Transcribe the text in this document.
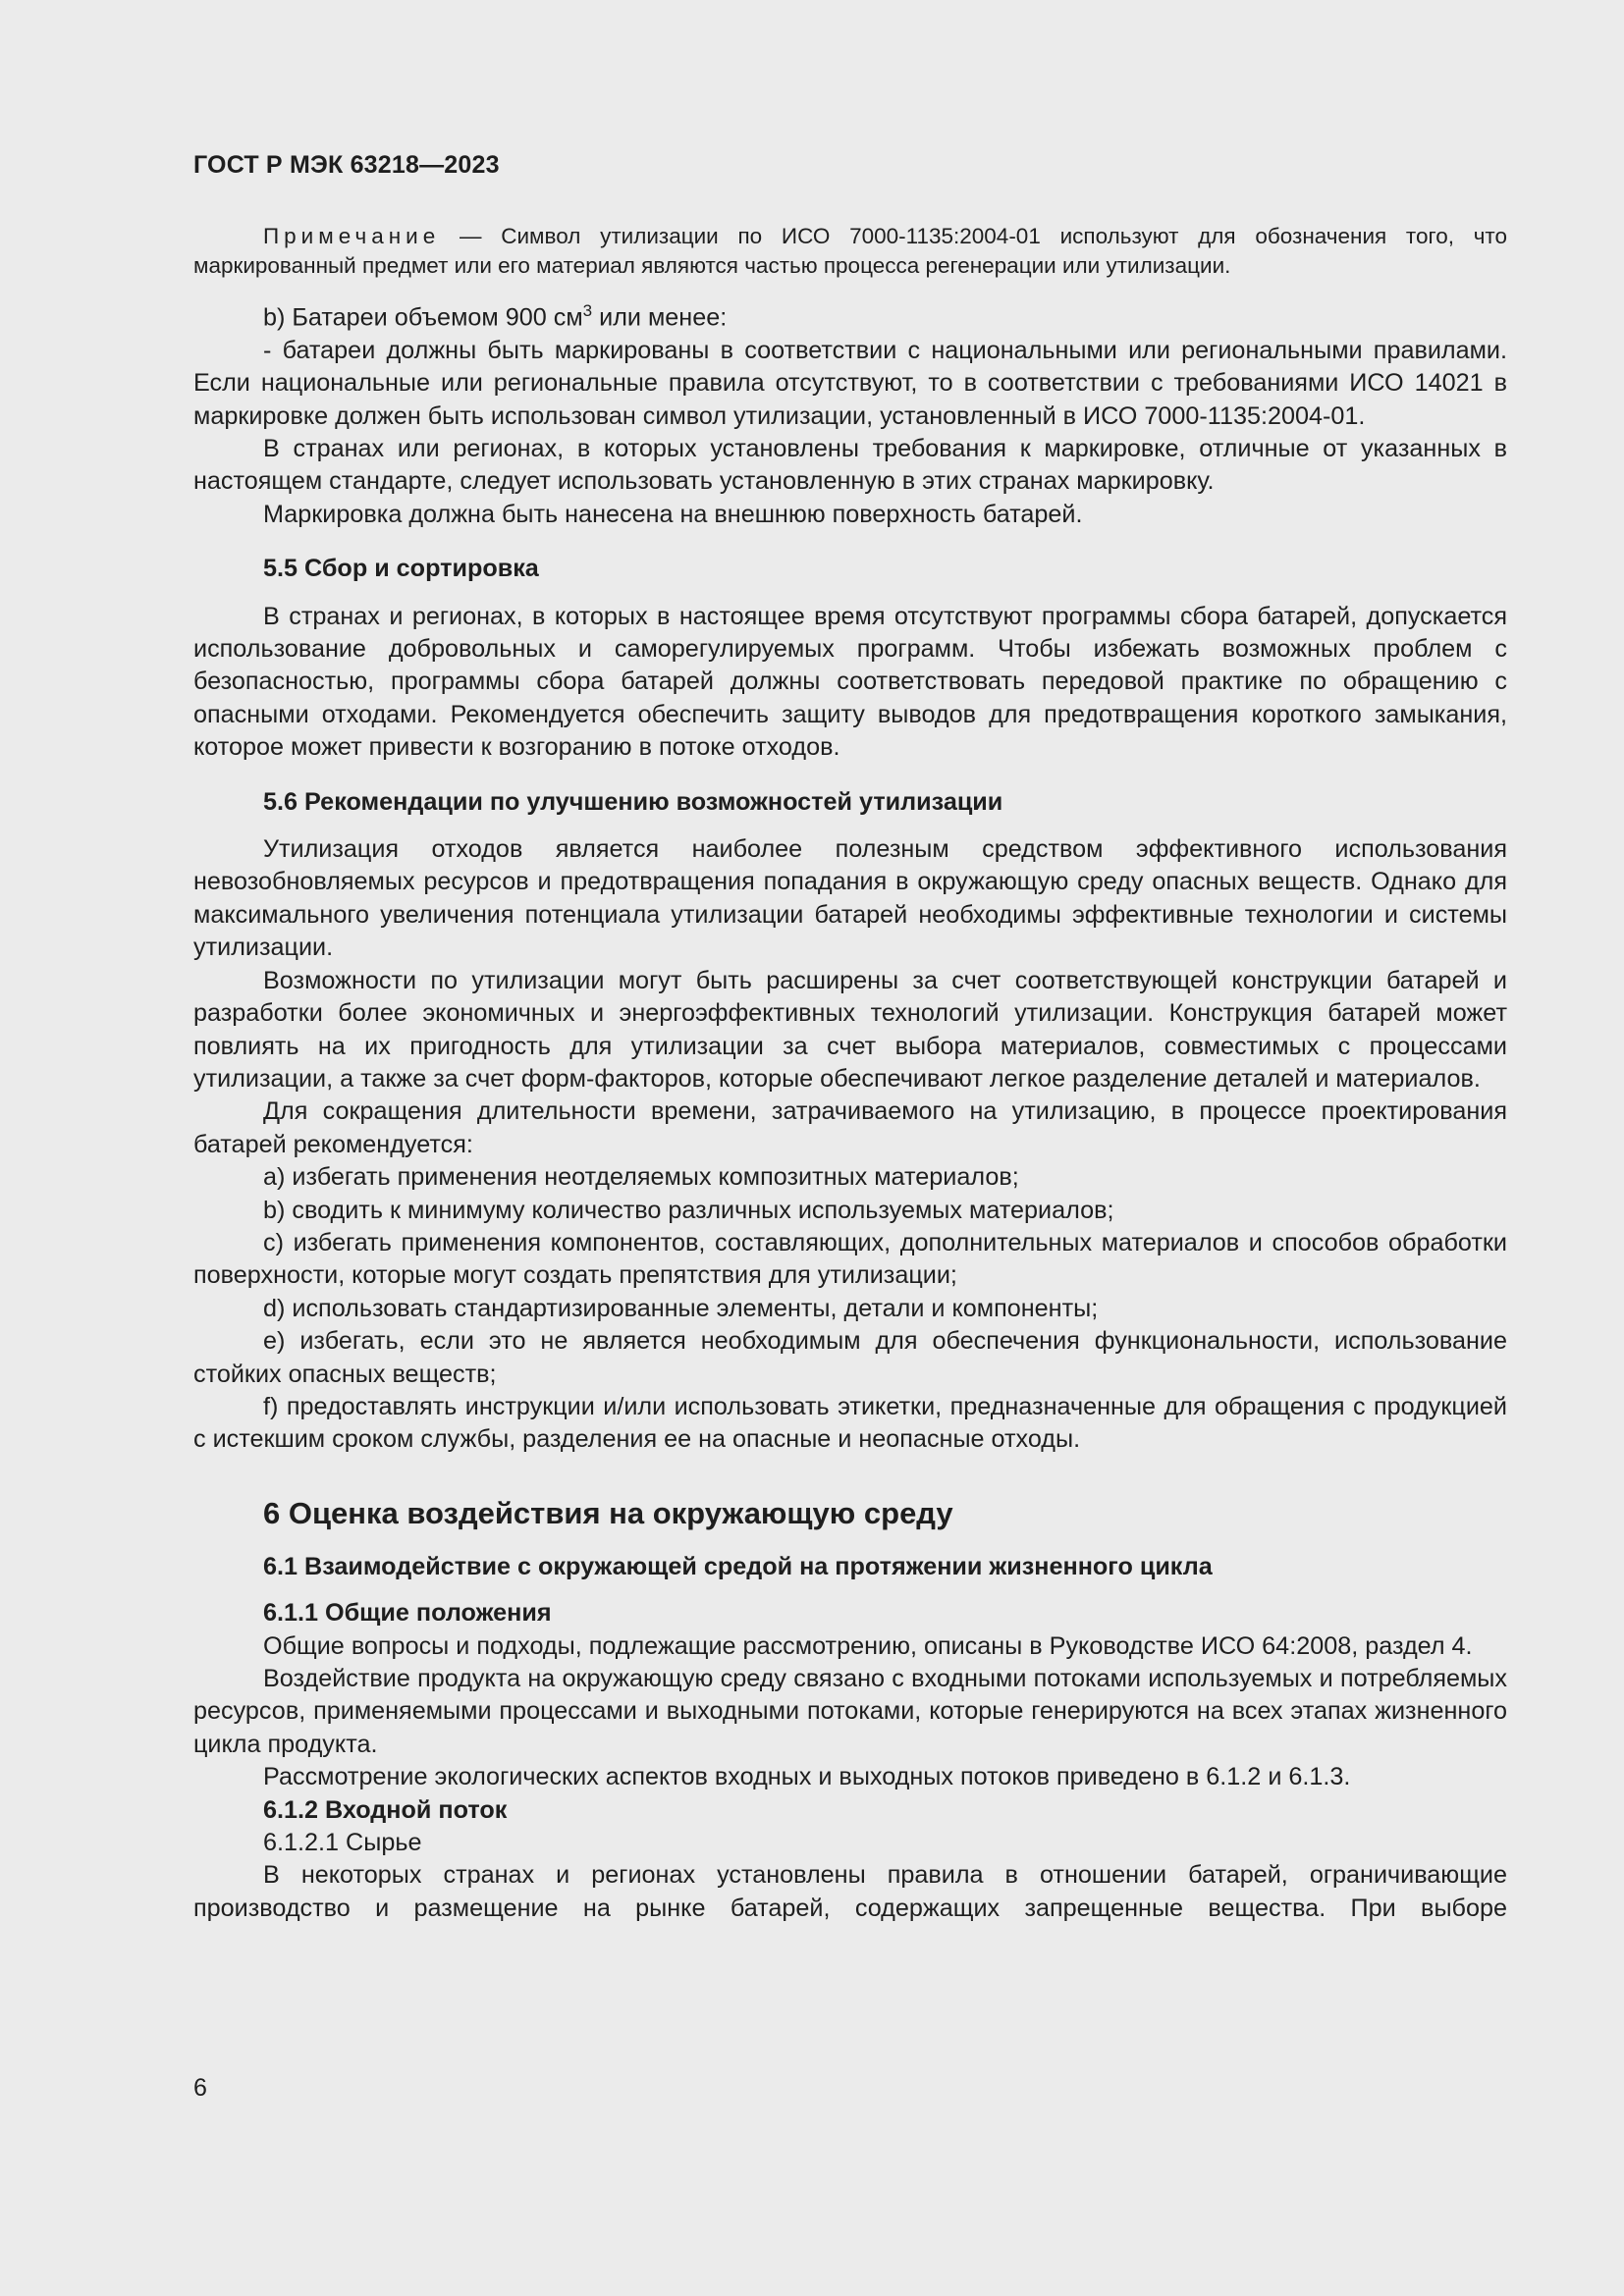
ГОСТ Р МЭК 63218—2023

Примечание — Символ утилизации по ИСО 7000-1135:2004-01 используют для обозначения того, что маркированный предмет или его материал являются частью процесса регенерации или утилизации.

b) Батареи объемом 900 $см^3$ или менее:

- батареи должны быть маркированы в соответствии с национальными или региональными правилами. Если национальные или региональные правила отсутствуют, то в соответствии с требованиями ИСО 14021 в маркировке должен быть использован символ утилизации, установленный в ИСО 7000-1135:2004-01.

В странах или регионах, в которых установлены требования к маркировке, отличные от указанных в настоящем стандарте, следует использовать установленную в этих странах маркировку.

Маркировка должна быть нанесена на внешнюю поверхность батарей.

5.5 Сбор и сортировка

В странах и регионах, в которых в настоящее время отсутствуют программы сбора батарей, допускается использование добровольных и саморегулируемых программ. Чтобы избежать возможных проблем с безопасностью, программы сбора батарей должны соответствовать передовой практике по обращению с опасными отходами. Рекомендуется обеспечить защиту выводов для предотвращения короткого замыкания, которое может привести к возгоранию в потоке отходов.

5.6 Рекомендации по улучшению возможностей утилизации

Утилизация отходов является наиболее полезным средством эффективного использования невозобновляемых ресурсов и предотвращения попадания в окружающую среду опасных веществ. Однако для максимального увеличения потенциала утилизации батарей необходимы эффективные технологии и системы утилизации.

Возможности по утилизации могут быть расширены за счет соответствующей конструкции батарей и разработки более экономичных и энергоэффективных технологий утилизации. Конструкция батарей может повлиять на их пригодность для утилизации за счет выбора материалов, совместимых с процессами утилизации, а также за счет форм-факторов, которые обеспечивают легкое разделение деталей и материалов.

Для сокращения длительности времени, затрачиваемого на утилизацию, в процессе проектирования батарей рекомендуется:

а) избегать применения неотделяемых композитных материалов;

b) сводить к минимуму количество различных используемых материалов;

с) избегать применения компонентов, составляющих, дополнительных материалов и способов обработки поверхности, которые могут создать препятствия для утилизации;

d) использовать стандартизированные элементы, детали и компоненты;

е) избегать, если это не является необходимым для обеспечения функциональности, использование стойких опасных веществ;

f) предоставлять инструкции и/или использовать этикетки, предназначенные для обращения с продукцией с истекшим сроком службы, разделения ее на опасные и неопасные отходы.

6 Оценка воздействия на окружающую среду

6.1 Взаимодействие с окружающей средой на протяжении жизненного цикла

6.1.1 Общие положения

Общие вопросы и подходы, подлежащие рассмотрению, описаны в Руководстве ИСО 64:2008, раздел 4.

Воздействие продукта на окружающую среду связано с входными потоками используемых и потребляемых ресурсов, применяемыми процессами и выходными потоками, которые генерируются на всех этапах жизненного цикла продукта.

Рассмотрение экологических аспектов входных и выходных потоков приведено в 6.1.2 и 6.1.3.

6.1.2 Входной поток

6.1.2.1 Сырье

В некоторых странах и регионах установлены правила в отношении батарей, ограничивающие производство и размещение на рынке батарей, содержащих запрещенные вещества. При выборе

6
